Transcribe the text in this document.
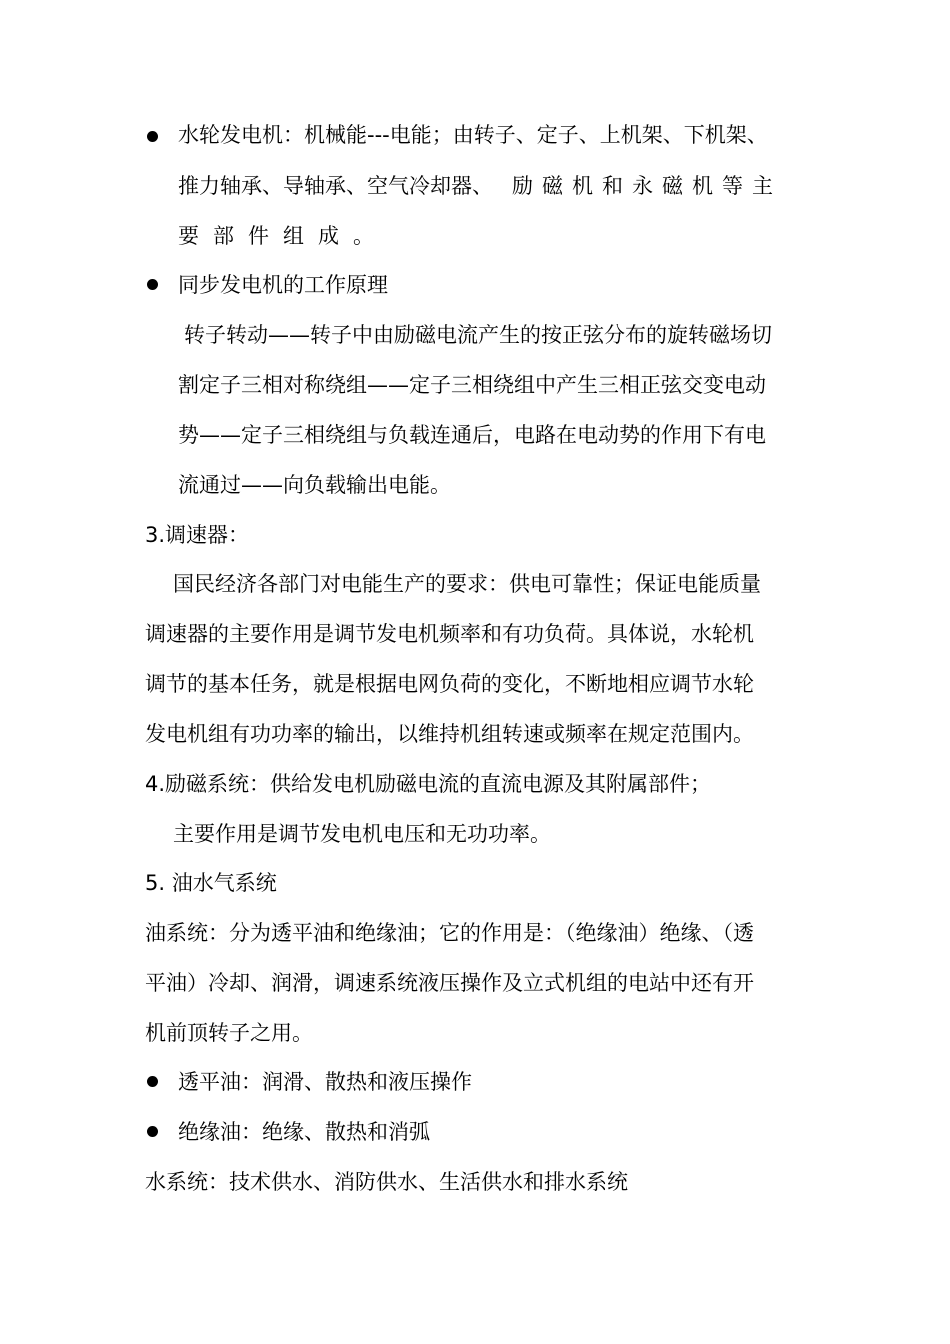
水轮发电机：机械能---电能；由转子、定子、上机架、下机架、
推力轴承、导轴承、空气冷却器、 励磁机和永磁机等主
要部件组成。
同步发电机的工作原理
转子转动——转子中由励磁电流产生的按正弦分布的旋转磁场切
割定子三相对称绕组——定子三相绕组中产生三相正弦交变电动
势——定子三相绕组与负载连通后，电路在电动势的作用下有电
流通过——向负载输出电能。
3.调速器：
国民经济各部门对电能生产的要求：供电可靠性；保证电能质量
调速器的主要作用是调节发电机频率和有功负荷。具体说，水轮机
调节的基本任务，就是根据电网负荷的变化，不断地相应调节水轮
发电机组有功功率的输出，以维持机组转速或频率在规定范围内。
4.励磁系统：供给发电机励磁电流的直流电源及其附属部件；
主要作用是调节发电机电压和无功功率。
5. 油水气系统
油系统：分为透平油和绝缘油；它的作用是：（绝缘油）绝缘、（透
平油）冷却、润滑，调速系统液压操作及立式机组的电站中还有开
机前顶转子之用。
透平油：润滑、散热和液压操作
绝缘油：绝缘、散热和消弧
水系统：技术供水、消防供水、生活供水和排水系统
